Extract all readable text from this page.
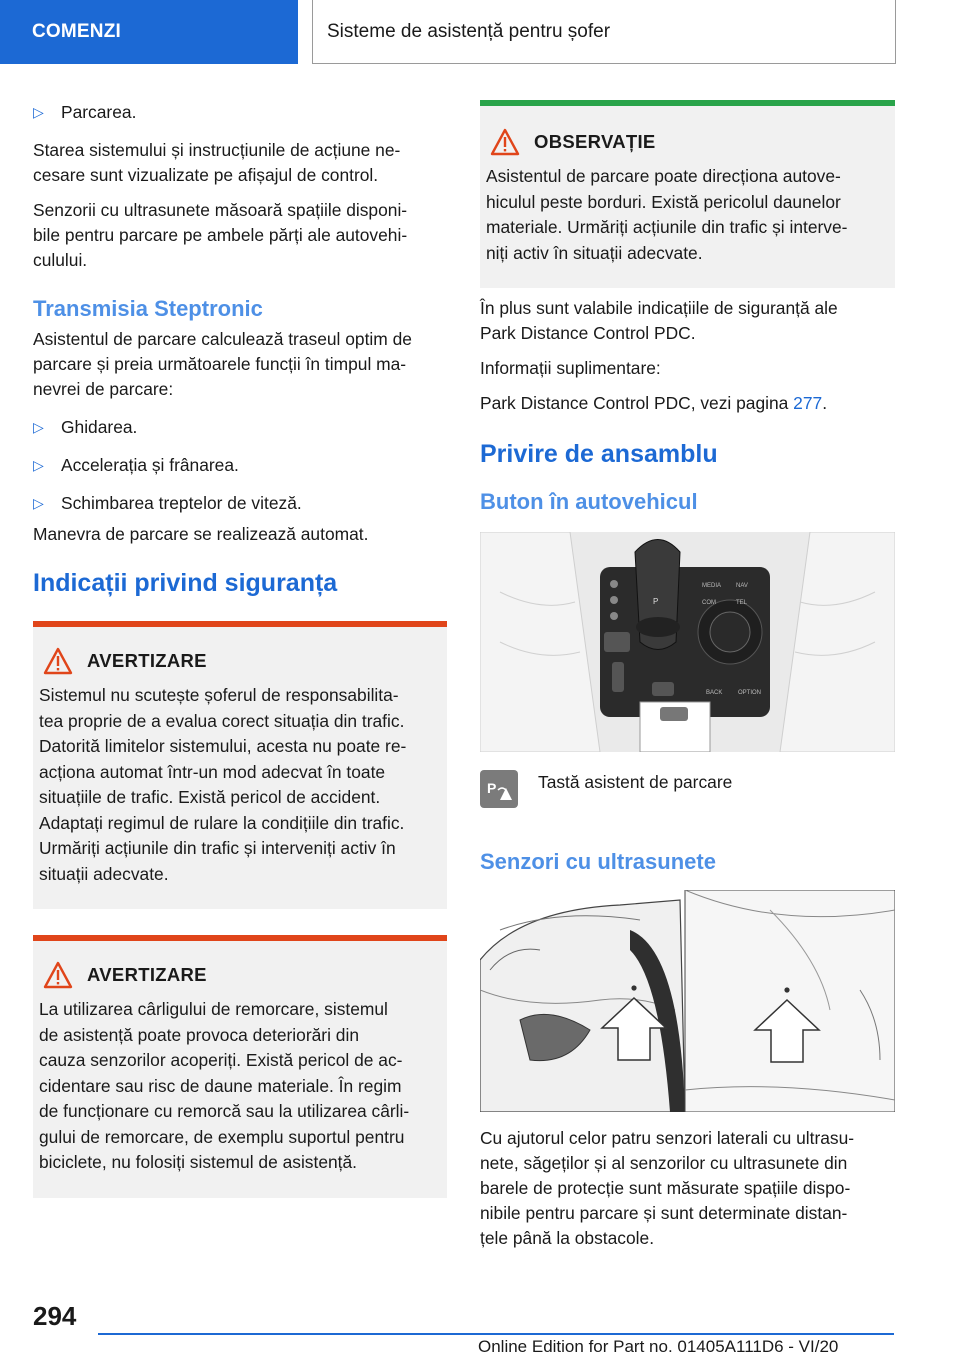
COMENZI	Sisteme de asistență pentru șofer
▷ Parcarea.

Starea sistemului și instrucțiunile de acțiune ne-
cesare sunt vizualizate pe afișajul de control.

Senzorii cu ultrasunete măsoară spațiile disponi-
bile pentru parcare pe ambele părți ale autovehi-
culului.

Transmisia Steptronic

Asistentul de parcare calculează traseul optim de
parcare și preia următoarele funcții în timpul ma-
nevrei de parcare:

▷ Ghidarea.
▷ Accelerația și frânarea.
▷ Schimbarea treptelor de viteză.

Manevra de parcare se realizează automat.

Indicații privind siguranța
AVERTIZARE

Sistemul nu scutește șoferul de responsabilita-
tea proprie de a evalua corect situația din trafic.
Datorită limitelor sistemului, acesta nu poate re-
acționa automat într-un mod adecvat în toate
situațiile de trafic. Există pericol de accident.
Adaptați regimul de rulare la condițiile din trafic.
Urmăriți acțiunile din trafic și interveniți activ în
situații adecvate.

AVERTIZARE

La utilizarea cârligului de remorcare, sistemul
de asistență poate provoca deteriorări din
cauza senzorilor acoperiți. Există pericol de ac-
cidentare sau risc de daune materiale. În regim
de funcționare cu remorcă sau la utilizarea cârli-
gului de remorcare, de exemplu suportul pentru
biciclete, nu folosiți sistemul de asistență.

OBSERVAȚIE

Asistentul de parcare poate direcționa autove-
hiculul peste borduri. Există pericolul daunelor
materiale. Urmăriți acțiunile din trafic și interve-
niți activ în situații adecvate.

În plus sunt valabile indicațiile de siguranță ale
Park Distance Control PDC.

Informații suplimentare:

Park Distance Control PDC, vezi pagina 277.

Privire de ansamblu
Buton în autovehicul
P
MEDIA NAV
COM	TEL
BACK	OPTION
P Tastă asistent de parcare
Senzori cu ultrasunete

Cu ajutorul celor patru senzori laterali cu ultrasu-
nete, săgeților și al senzorilor cu ultrasunete din
barele de protecție sunt măsurate spațiile dispo-
nibile pentru parcare și sunt determinate distan-
țele până la obstacole.

294
Online Edition for Part no. 01405A111D6 - VI/20
